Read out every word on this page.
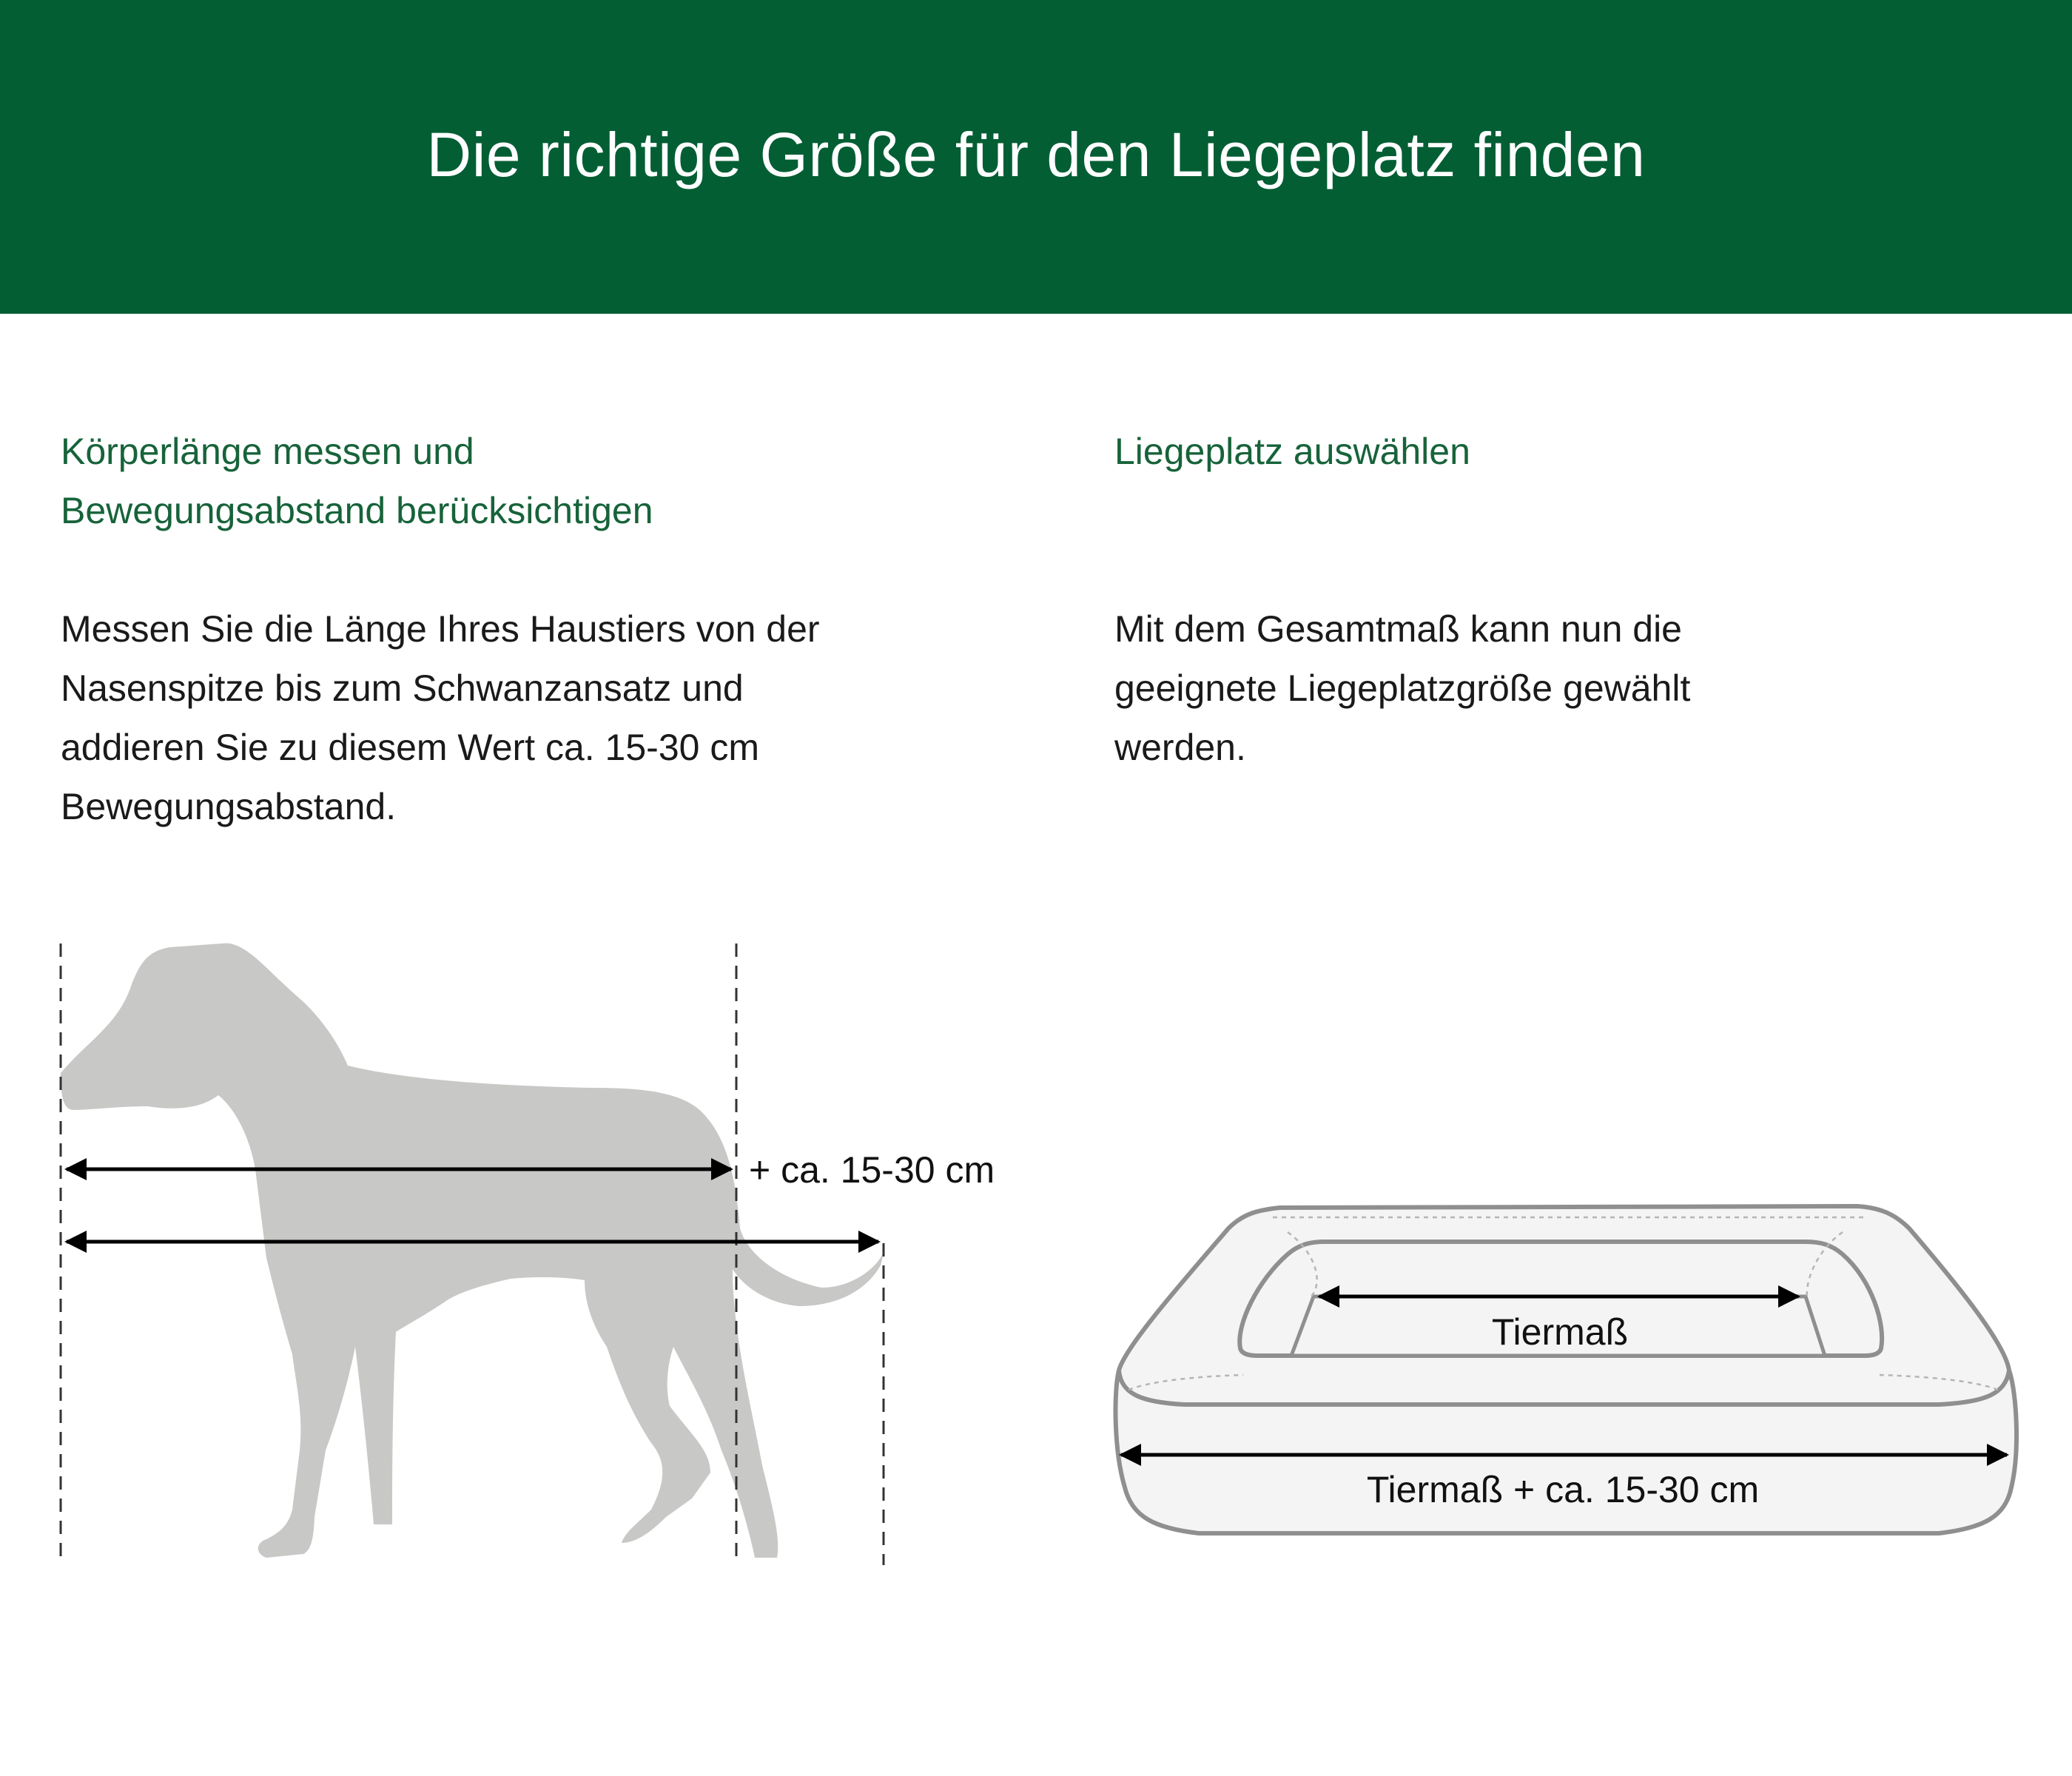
Die richtige Größe für den Liegeplatz finden
Körperlänge messen und
Bewegungsabstand berücksichtigen

Messen Sie die Länge Ihres Haustiers von der Nasenspitze bis zum Schwanzansatz und addieren Sie zu diesem Wert ca. 15-30 cm Bewegungsabstand.

Liegeplatz auswählen

Mit dem Gesamtmaß kann nun die geeignete Liegeplatzgröße gewählt werden.

+ ca. 15-30 cm
Tiermaß
Tiermaß + ca. 15-30 cm
